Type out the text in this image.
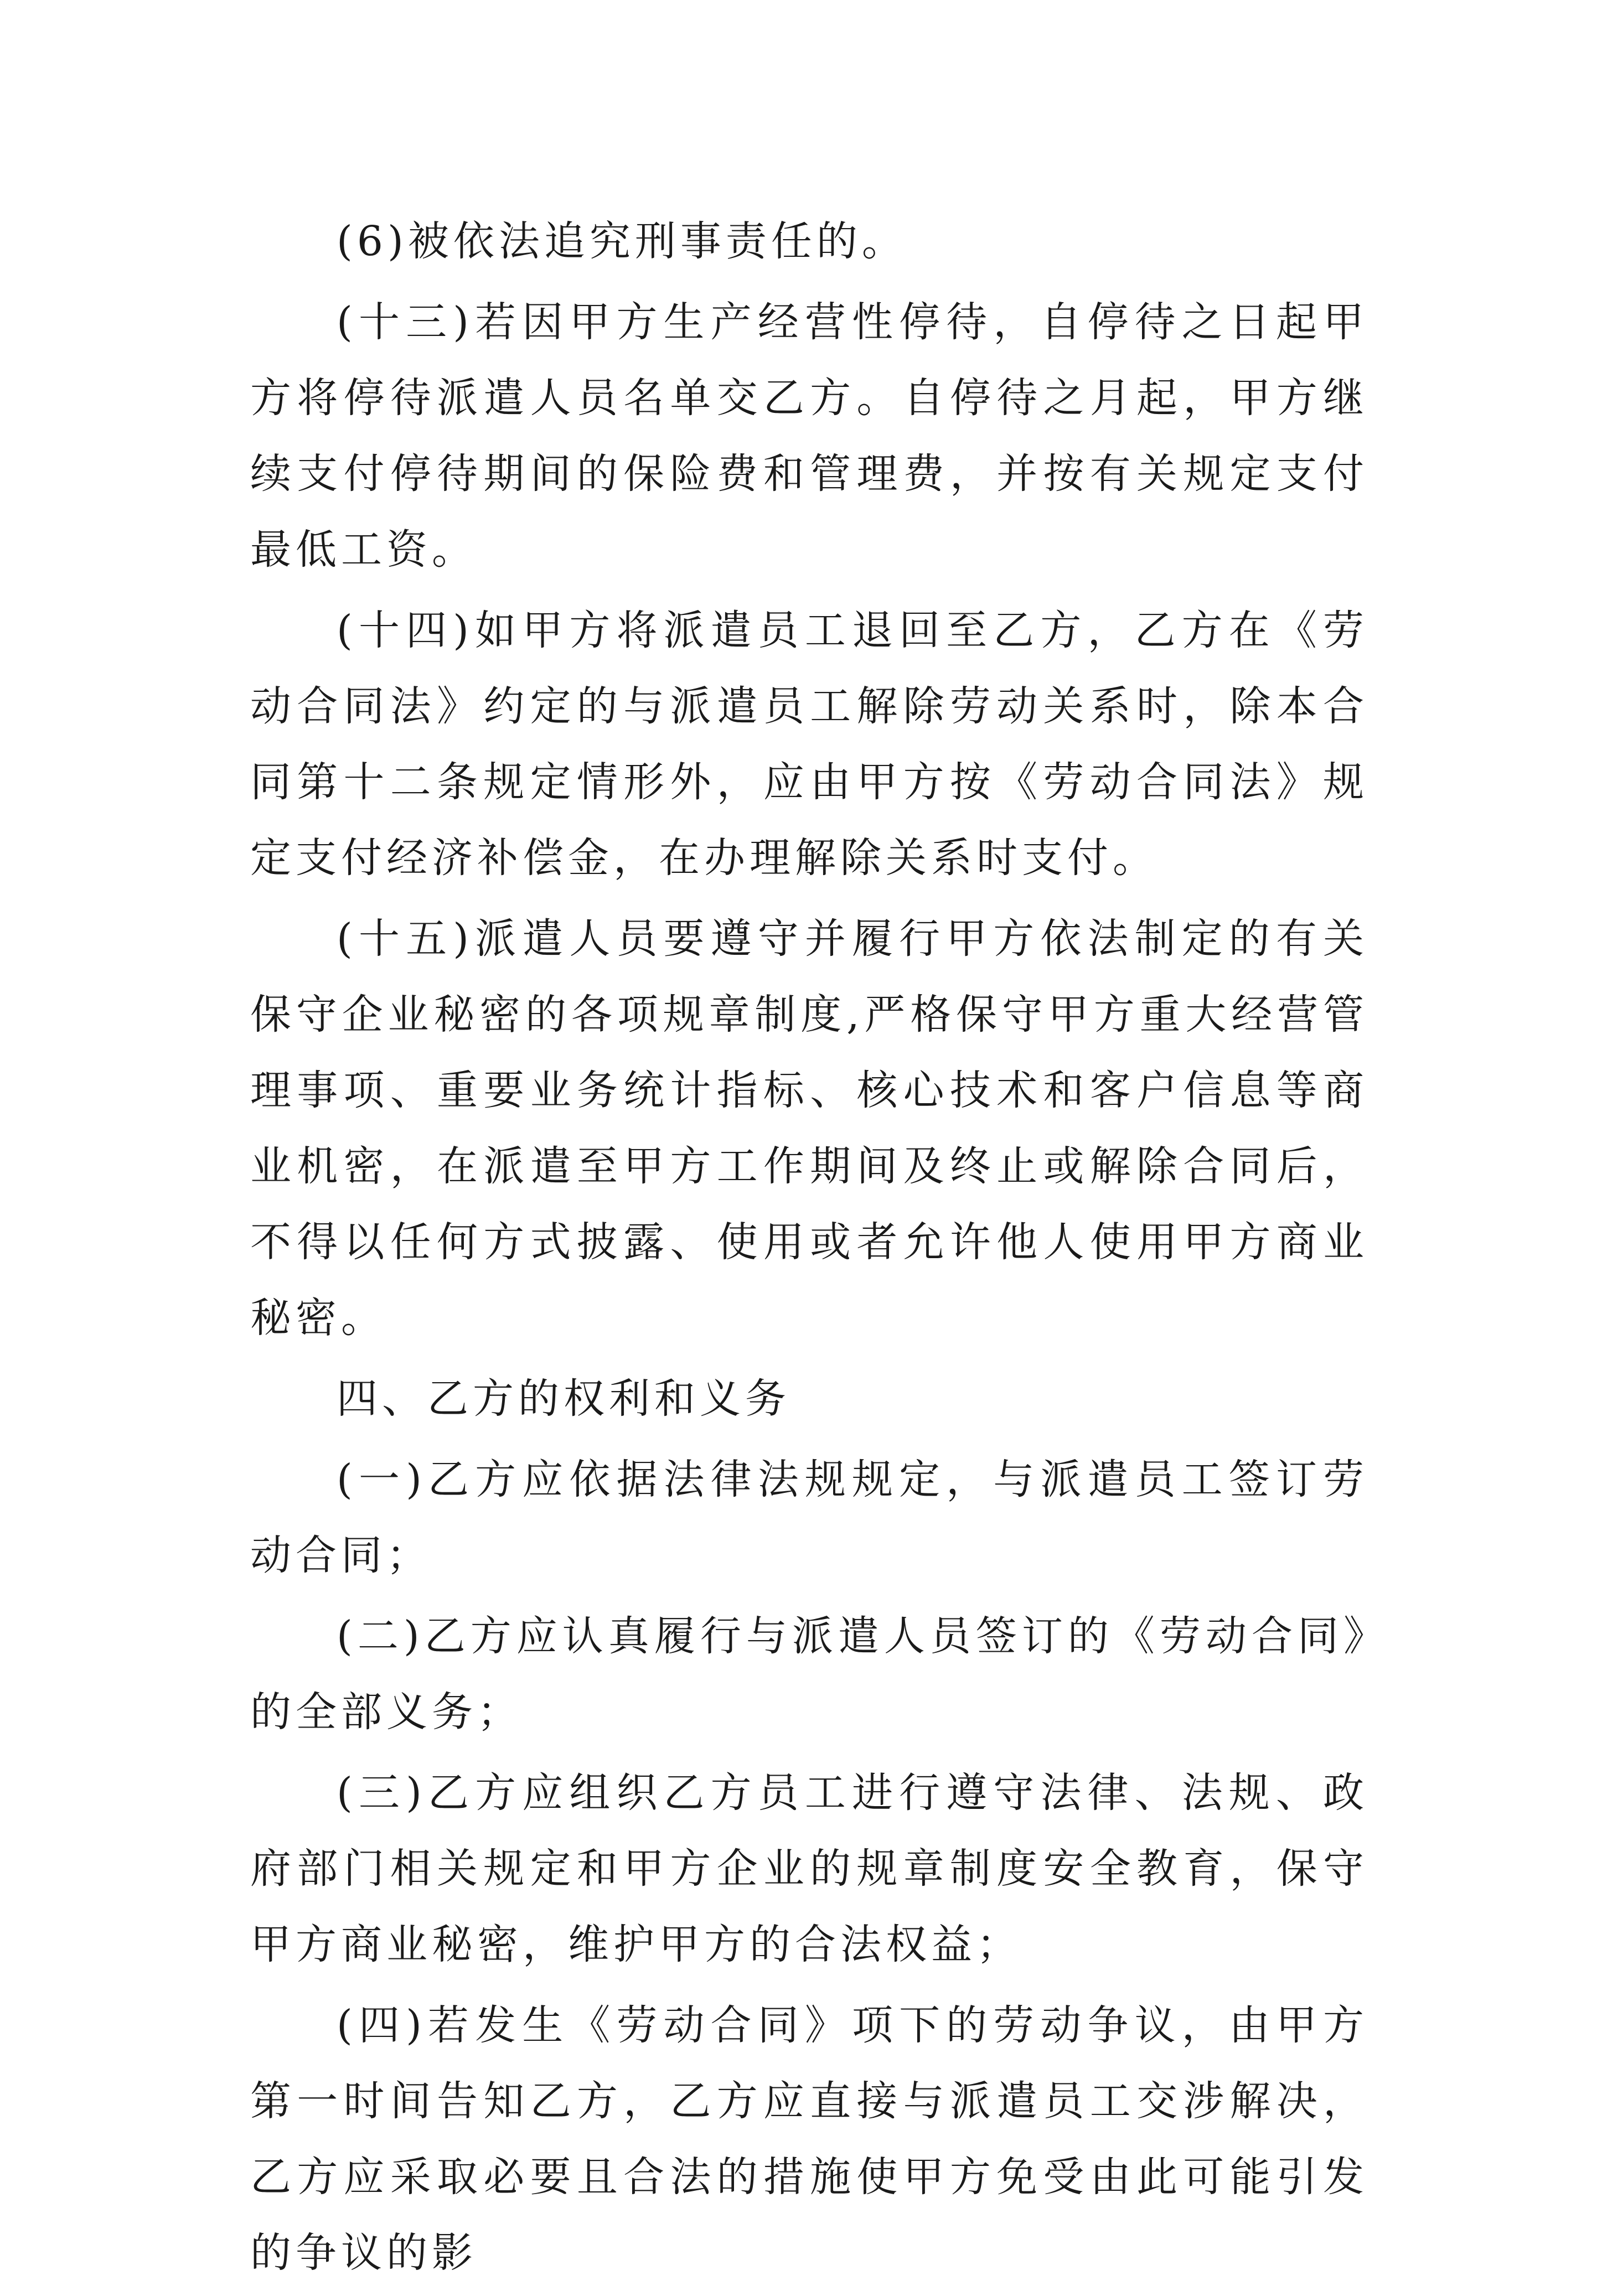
(6)被依法追究刑事责任的。

(十三)若因甲方生产经营性停待，自停待之日起甲方将停待派遣人员名单交乙方。自停待之月起，甲方继续支付停待期间的保险费和管理费，并按有关规定支付最低工资。

(十四)如甲方将派遣员工退回至乙方，乙方在《劳动合同法》约定的与派遣员工解除劳动关系时，除本合同第十二条规定情形外，应由甲方按《劳动合同法》规定支付经济补偿金，在办理解除关系时支付。

(十五)派遣人员要遵守并履行甲方依法制定的有关保守企业秘密的各项规章制度,严格保守甲方重大经营管理事项、重要业务统计指标、核心技术和客户信息等商业机密，在派遣至甲方工作期间及终止或解除合同后，不得以任何方式披露、使用或者允许他人使用甲方商业秘密。

四、乙方的权利和义务

(一)乙方应依据法律法规规定，与派遣员工签订劳动合同；

(二)乙方应认真履行与派遣人员签订的《劳动合同》的全部义务；

(三)乙方应组织乙方员工进行遵守法律、法规、政府部门相关规定和甲方企业的规章制度安全教育，保守甲方商业秘密，维护甲方的合法权益；

(四)若发生《劳动合同》项下的劳动争议，由甲方第一时间告知乙方，乙方应直接与派遣员工交涉解决，乙方应采取必要且合法的措施使甲方免受由此可能引发的争议的影
